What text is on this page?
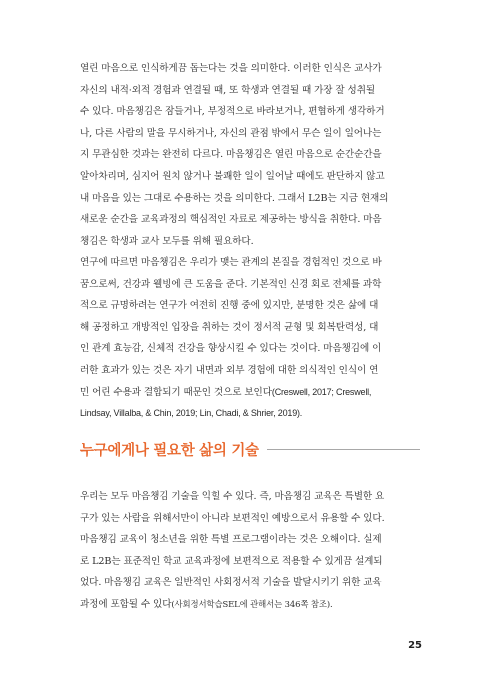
열린 마음으로 인식하게끔 돕는다는 것을 의미한다. 이러한 인식은 교사가
자신의 내적·외적 경험과 연결될 때, 또 학생과 연결될 때 가장 잘 성취될
수 있다. 마음챙김은 잠들거나, 부정적으로 바라보거나, 편협하게 생각하거
나, 다른 사람의 말을 무시하거나, 자신의 관점 밖에서 무슨 일이 일어나는
지 무관심한 것과는 완전히 다르다. 마음챙김은 열린 마음으로 순간순간을
알아차리며, 심지어 원치 않거나 불쾌한 일이 일어날 때에도 판단하지 않고
내 마음을 있는 그대로 수용하는 것을 의미한다. 그래서 L2B는 지금 현재의
새로운 순간을 교육과정의 핵심적인 자료로 제공하는 방식을 취한다. 마음
챙김은 학생과 교사 모두를 위해 필요하다.
연구에 따르면 마음챙김은 우리가 맺는 관계의 본질을 경험적인 것으로 바
꿈으로써, 건강과 웰빙에 큰 도움을 준다. 기본적인 신경 회로 전체를 과학
적으로 규명하려는 연구가 여전히 진행 중에 있지만, 분명한 것은 삶에 대
해 공정하고 개방적인 입장을 취하는 것이 정서적 균형 및 회복탄력성, 대
인 관계 효능감, 신체적 건강을 향상시킬 수 있다는 것이다. 마음챙김에 이
러한 효과가 있는 것은 자기 내면과 외부 경험에 대한 의식적인 인식이 연
민 어린 수용과 결합되기 때문인 것으로 보인다(Creswell, 2017; Creswell,
Lindsay, Villalba, & Chin, 2019; Lin, Chadi, & Shrier, 2019).
누구에게나 필요한 삶의 기술
우리는 모두 마음챙김 기술을 익힐 수 있다. 즉, 마음챙김 교육은 특별한 요
구가 있는 사람을 위해서만이 아니라 보편적인 예방으로서 유용할 수 있다.
마음챙김 교육이 청소년을 위한 특별 프로그램이라는 것은 오해이다. 실제
로 L2B는 표준적인 학교 교육과정에 보편적으로 적용할 수 있게끔 설계되
었다. 마음챙김 교육은 일반적인 사회정서적 기술을 발달시키기 위한 교육
과정에 포함될 수 있다(사회정서학습SEL에 관해서는 346쪽 참조).
25
